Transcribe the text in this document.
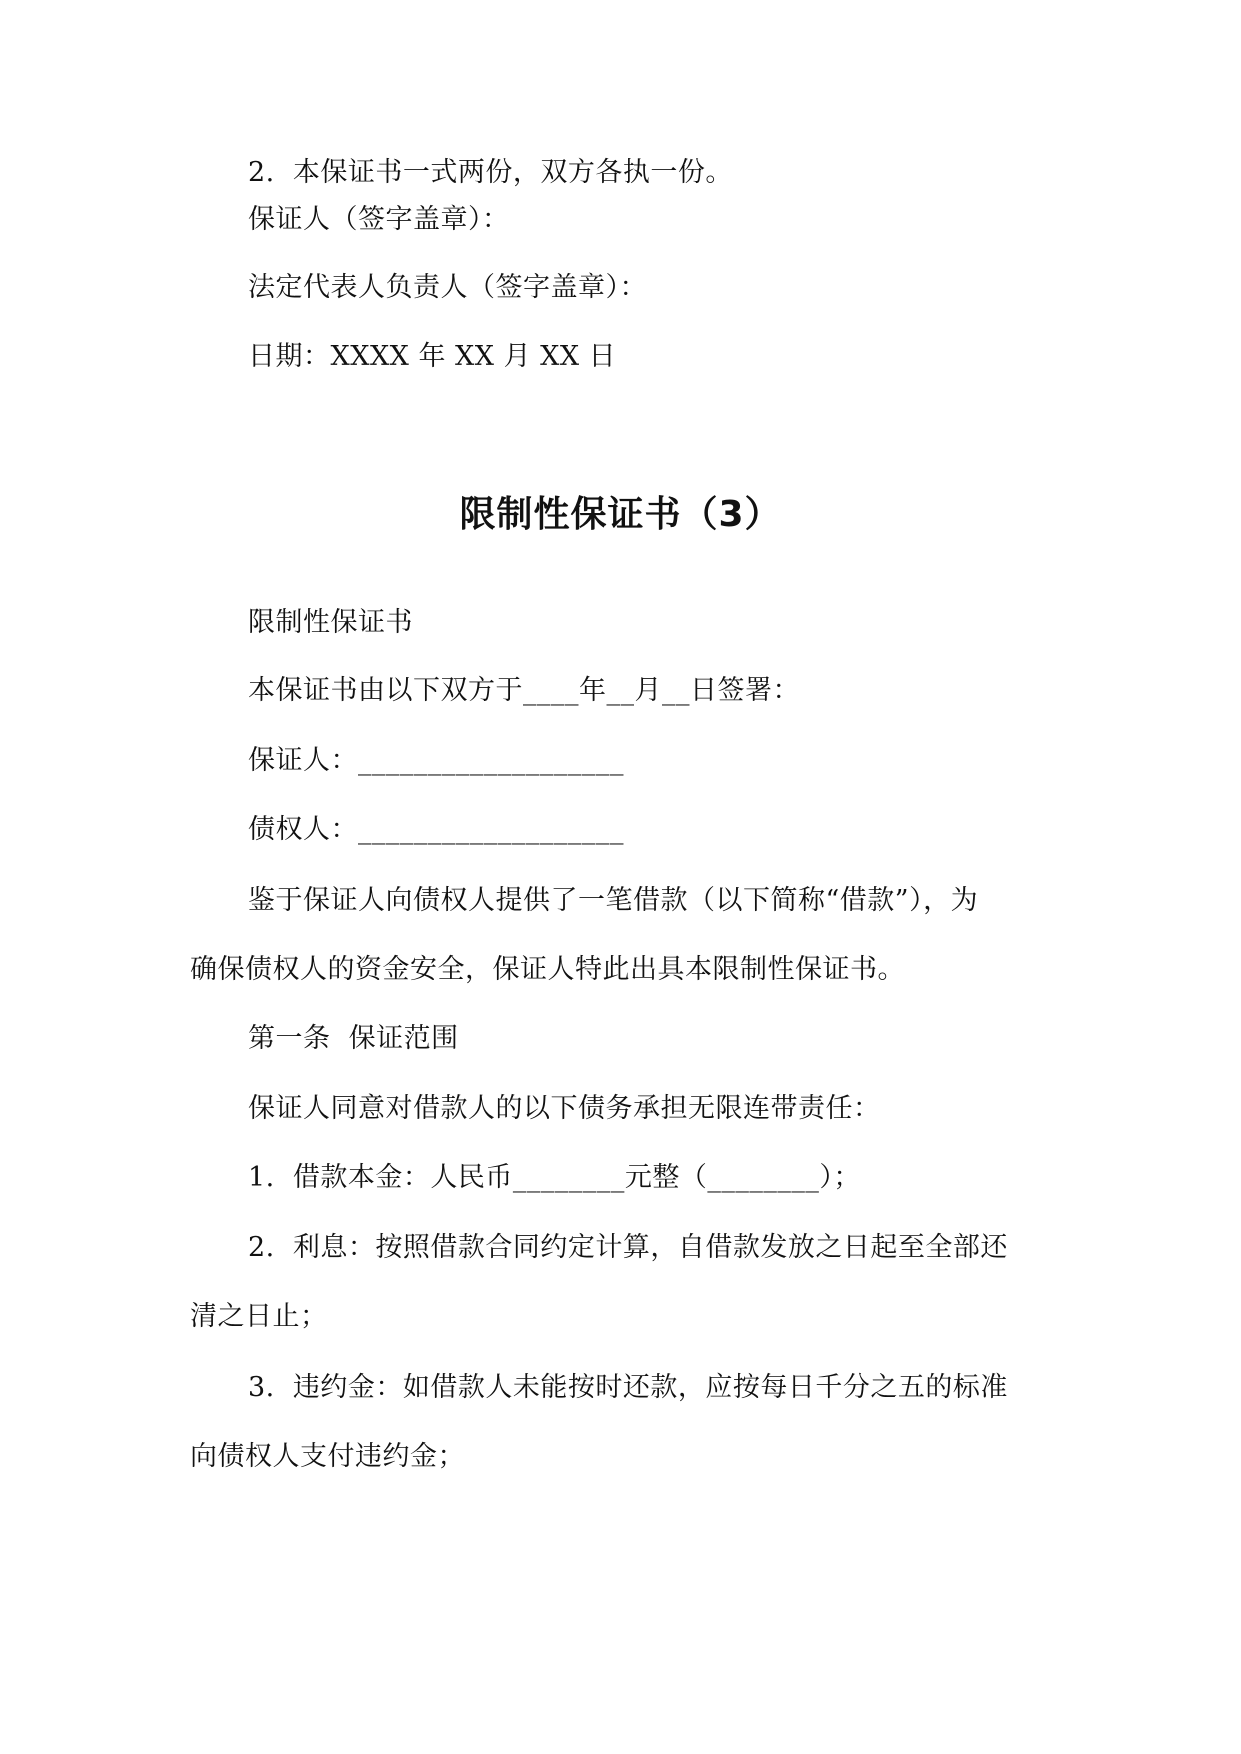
2.  本保证书一式两份，双方各执一份。
保证人（签字盖章）：
法定代表人负责人（签字盖章）：
日期：XXXX 年 XX 月 XX 日
限制性保证书（3）
限制性保证书
本保证书由以下双方于____年__月__日签署：
保证人：___________________
债权人：___________________
鉴于保证人向债权人提供了一笔借款（以下简称“借款”），为
确保债权人的资金安全，保证人特此出具本限制性保证书。
第一条  保证范围
保证人同意对借款人的以下债务承担无限连带责任：
1.  借款本金：人民币________元整（________）；
2.  利息：按照借款合同约定计算，自借款发放之日起至全部还
清之日止；
3.  违约金：如借款人未能按时还款，应按每日千分之五的标准
向债权人支付违约金；
